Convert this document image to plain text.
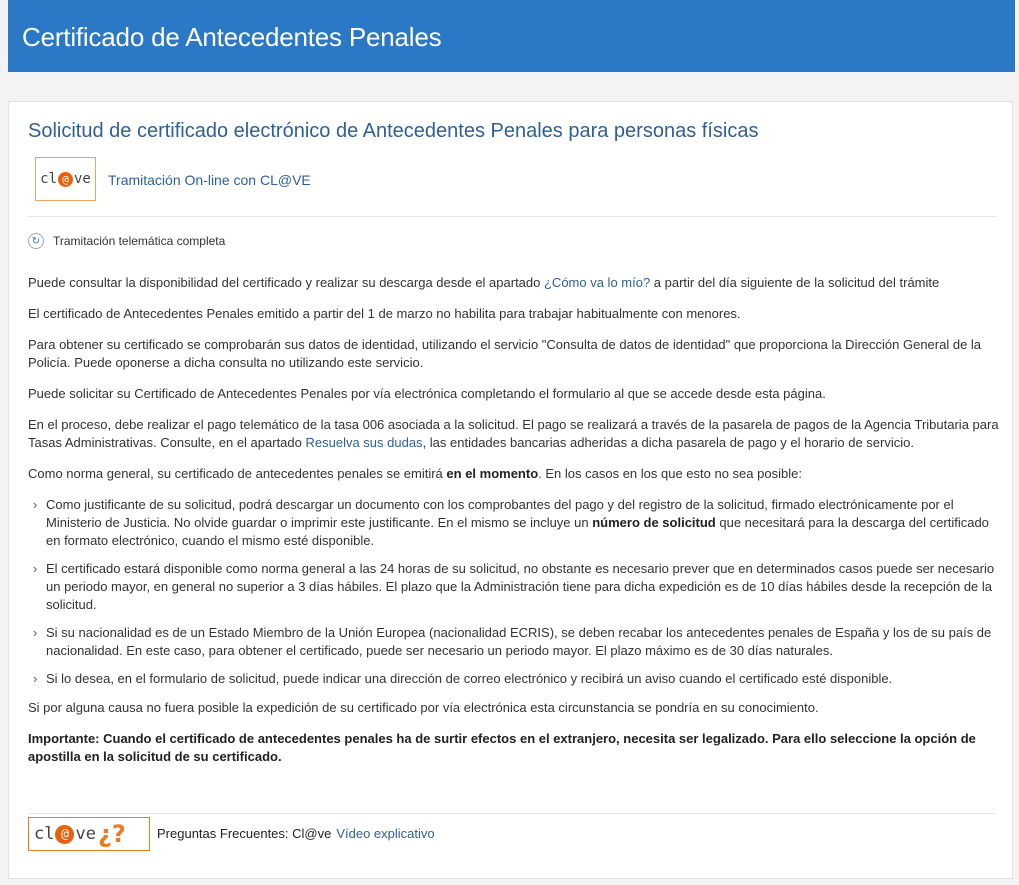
Certificado de Antecedentes Penales
Solicitud de certificado electrónico de Antecedentes Penales para personas físicas
cl @ ve Tramitación On-line con CL@VE
↻	Tramitación telemática completa

Puede consultar la disponibilidad del certificado y realizar su descarga desde el apartado ¿Cómo va lo mío? a partir del día siguiente de la solicitud del trámite

El certificado de Antecedentes Penales emitido a partir del 1 de marzo no habilita para trabajar habitualmente con menores.

Para obtener su certificado se comprobarán sus datos de identidad, utilizando el servicio "Consulta de datos de identidad" que proporciona la Dirección General de la Policía. Puede oponerse a dicha consulta no utilizando este servicio.

Puede solicitar su Certificado de Antecedentes Penales por vía electrónica completando el formulario al que se accede desde esta página.

En el proceso, debe realizar el pago telemático de la tasa 006 asociada a la solicitud. El pago se realizará a través de la pasarela de pagos de la Agencia Tributaria para Tasas Administrativas. Consulte, en el apartado Resuelva sus dudas, las entidades bancarias adheridas a dicha pasarela de pago y el horario de servicio.

Como norma general, su certificado de antecedentes penales se emitirá en el momento. En los casos en los que esto no sea posible:

› Como justificante de su solicitud, podrá descargar un documento con los comprobantes del pago y del registro de la solicitud, firmado electrónicamente por el Ministerio de Justicia. No olvide guardar o imprimir este justificante. En el mismo se incluye un número de solicitud que necesitará para la descarga del certificado en formato electrónico, cuando el mismo esté disponible.
› El certificado estará disponible como norma general a las 24 horas de su solicitud, no obstante es necesario prever que en determinados casos puede ser necesario un periodo mayor, en general no superior a 3 días hábiles. El plazo que la Administración tiene para dicha expedición es de 10 días hábiles desde la recepción de la solicitud.
› Si su nacionalidad es de un Estado Miembro de la Unión Europea (nacionalidad ECRIS), se deben recabar los antecedentes penales de España y los de su país de nacionalidad. En este caso, para obtener el certificado, puede ser necesario un periodo mayor. El plazo máximo es de 30 días naturales.
› Si lo desea, en el formulario de solicitud, puede indicar una dirección de correo electrónico y recibirá un aviso cuando el certificado esté disponible.

Si por alguna causa no fuera posible la expedición de su certificado por vía electrónica esta circunstancia se pondría en su conocimiento.

Importante: Cuando el certificado de antecedentes penales ha de surtir efectos en el extranjero, necesita ser legalizado. Para ello seleccione la opción de apostilla en la solicitud de su certificado.

cl @ ve ¿? Preguntas Frecuentes: Cl@ve Vídeo explicativo
